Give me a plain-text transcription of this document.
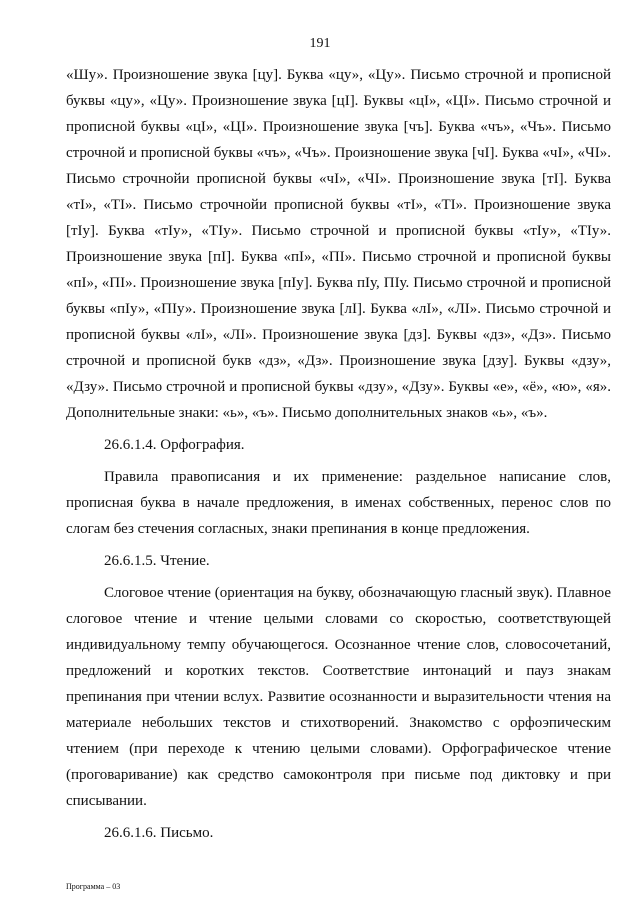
191

«Шу». Произношение звука [цу]. Буква «цу», «Цу». Письмо строчной и прописной буквы «цу», «Цу». Произношение звука [цI]. Буквы «цI», «ЦI». Письмо строчной и прописной буквы «цI», «ЦI». Произношение звука [чъ]. Буква «чъ», «Чъ». Письмо строчной и прописной буквы «чъ», «Чъ». Произношение звука [чI]. Буква «чI», «ЧI». Письмо строчнойи прописной буквы «чI», «ЧI». Произношение звука [тI]. Буква «тI», «ТI». Письмо строчнойи прописной буквы «тI», «ТI». Произношение звука [тIу]. Буква «тIу», «ТIу». Письмо строчной и прописной буквы «тIу», «ТIу». Произношение звука [пI]. Буква «пI», «ПI». Письмо строчной и прописной буквы «пI», «ПI». Произношение звука [пIу]. Буква пIу, ПIу. Письмо строчной и прописной буквы «пIу», «ПIу». Произношение звука [лI]. Буква «лI», «ЛI». Письмо строчной и прописной буквы «лI», «ЛI». Произношение звука [дз]. Буквы «дз», «Дз». Письмо строчной и прописной букв «дз», «Дз». Произношение звука [дзу]. Буквы «дзу», «Дзу». Письмо строчной и прописной буквы «дзу», «Дзу». Буквы «е», «ё», «ю», «я». Дополнительные знаки: «ь», «ъ». Письмо дополнительных знаков «ь», «ъ».

26.6.1.4. Орфография.

Правила правописания и их применение: раздельное написание слов, прописная буква в начале предложения, в именах собственных, перенос слов по слогам без стечения согласных, знаки препинания в конце предложения.

26.6.1.5. Чтение.

Слоговое чтение (ориентация на букву, обозначающую гласный звук). Плавное слоговое чтение и чтение целыми словами со скоростью, соответствующей индивидуальному темпу обучающегося. Осознанное чтение слов, словосочетаний, предложений и коротких текстов. Соответствие интонаций и пауз знакам препинания при чтении вслух. Развитие осознанности и выразительности чтения на материале небольших текстов и стихотворений. Знакомство с орфоэпическим чтением (при переходе к чтению целыми словами). Орфографическое чтение (проговаривание) как средство самоконтроля при письме под диктовку и при списывании.

26.6.1.6. Письмо.

Программа – 03
